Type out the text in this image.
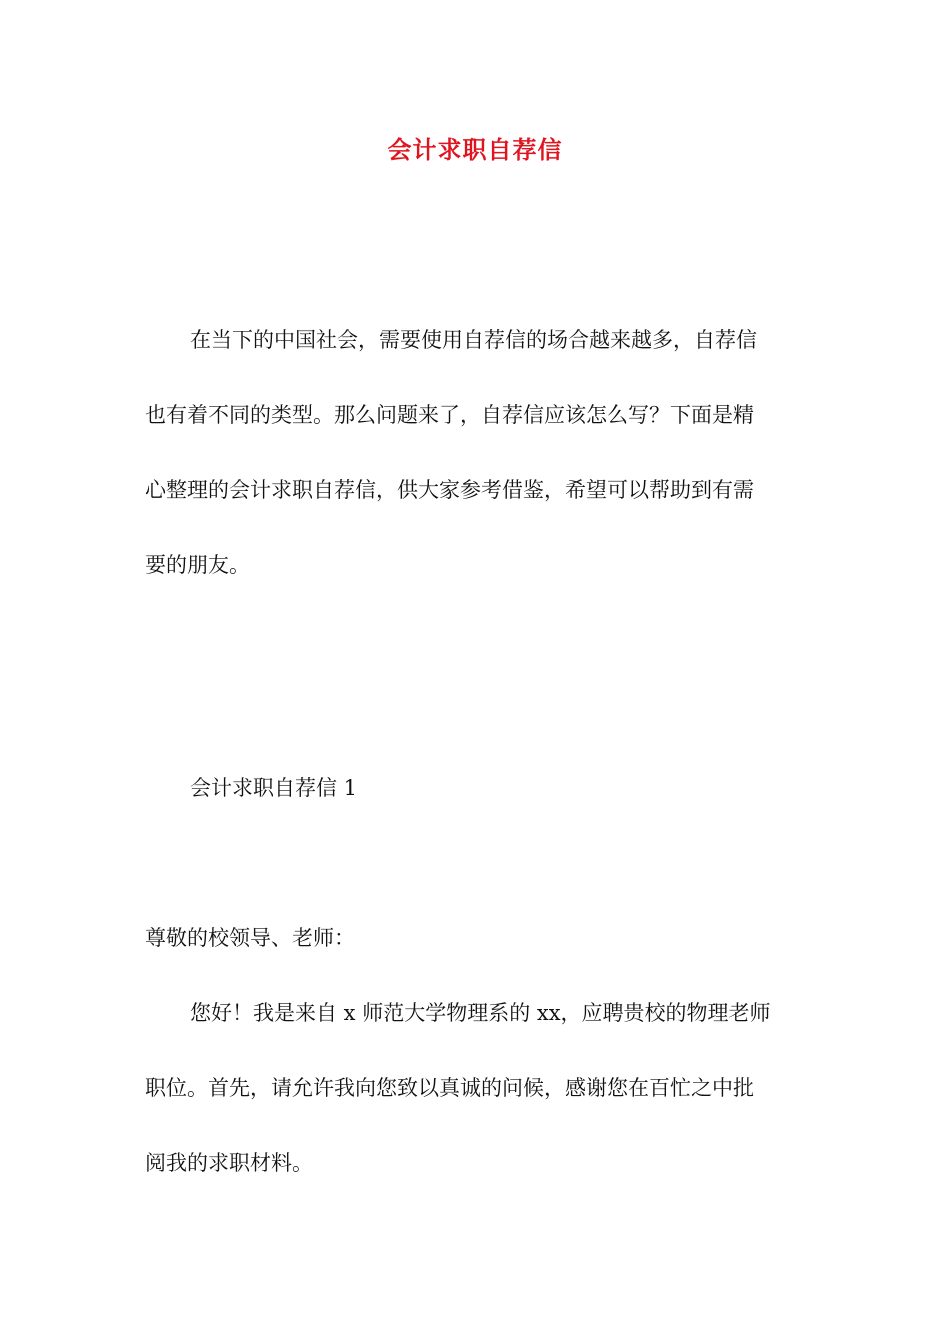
会计求职自荐信

在当下的中国社会，需要使用自荐信的场合越来越多，自荐信

也有着不同的类型。那么问题来了，自荐信应该怎么写？下面是精

心整理的会计求职自荐信，供大家参考借鉴，希望可以帮助到有需

要的朋友。

会计求职自荐信 1

尊敬的校领导、老师：

您好！我是来自 x 师范大学物理系的 xx，应聘贵校的物理老师

职位。首先，请允许我向您致以真诚的问候，感谢您在百忙之中批

阅我的求职材料。
